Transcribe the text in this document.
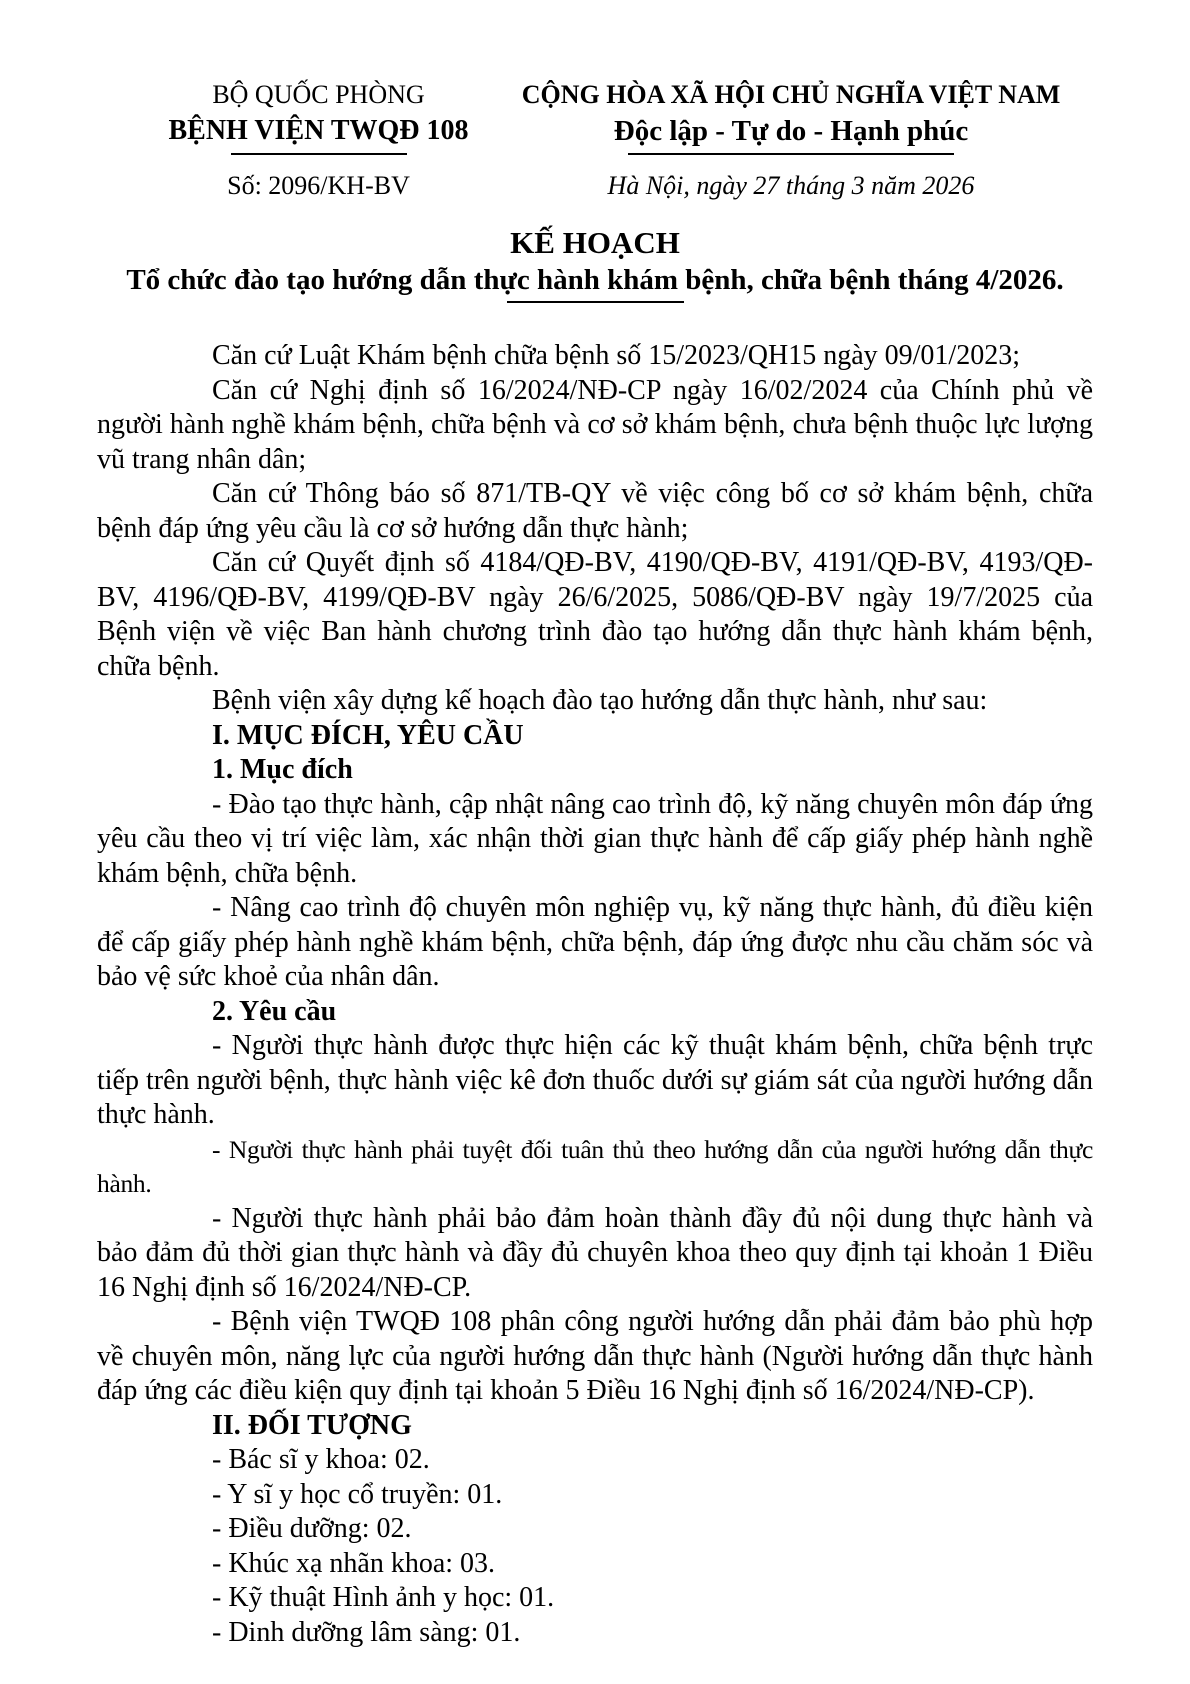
BỘ QUỐC PHÒNG
BỆNH VIỆN TWQĐ 108
Số: 2096/KH-BV
CỘNG HÒA XÃ HỘI CHỦ NGHĨA VIỆT NAM
Độc lập - Tự do - Hạnh phúc
Hà Nội, ngày 27 tháng 3 năm 2026
KẾ HOẠCH
Tổ chức đào tạo hướng dẫn thực hành khám bệnh, chữa bệnh tháng 4/2026.

Căn cứ Luật Khám bệnh chữa bệnh số 15/2023/QH15 ngày 09/01/2023;

Căn cứ Nghị định số 16/2024/NĐ-CP ngày 16/02/2024 của Chính phủ về người hành nghề khám bệnh, chữa bệnh và cơ sở khám bệnh, chưa bệnh thuộc lực lượng vũ trang nhân dân;

Căn cứ Thông báo số 871/TB-QY về việc công bố cơ sở khám bệnh, chữa bệnh đáp ứng yêu cầu là cơ sở hướng dẫn thực hành;

Căn cứ Quyết định số 4184/QĐ-BV, 4190/QĐ-BV, 4191/QĐ-BV, 4193/QĐ-BV, 4196/QĐ-BV, 4199/QĐ-BV ngày 26/6/2025, 5086/QĐ-BV ngày 19/7/2025 của Bệnh viện về việc Ban hành chương trình đào tạo hướng dẫn thực hành khám bệnh, chữa bệnh.

Bệnh viện xây dựng kế hoạch đào tạo hướng dẫn thực hành, như sau:

I. MỤC ĐÍCH, YÊU CẦU

1. Mục đích

- Đào tạo thực hành, cập nhật nâng cao trình độ, kỹ năng chuyên môn đáp ứng yêu cầu theo vị trí việc làm, xác nhận thời gian thực hành để cấp giấy phép hành nghề khám bệnh, chữa bệnh.

- Nâng cao trình độ chuyên môn nghiệp vụ, kỹ năng thực hành, đủ điều kiện để cấp giấy phép hành nghề khám bệnh, chữa bệnh, đáp ứng được nhu cầu chăm sóc và bảo vệ sức khoẻ của nhân dân.

2. Yêu cầu

- Người thực hành được thực hiện các kỹ thuật khám bệnh, chữa bệnh trực tiếp trên người bệnh, thực hành việc kê đơn thuốc dưới sự giám sát của người hướng dẫn thực hành.

- Người thực hành phải tuyệt đối tuân thủ theo hướng dẫn của người hướng dẫn thực hành.

- Người thực hành phải bảo đảm hoàn thành đầy đủ nội dung thực hành và bảo đảm đủ thời gian thực hành và đầy đủ chuyên khoa theo quy định tại khoản 1 Điều 16 Nghị định số 16/2024/NĐ-CP.

- Bệnh viện TWQĐ 108 phân công người hướng dẫn phải đảm bảo phù hợp về chuyên môn, năng lực của người hướng dẫn thực hành (Người hướng dẫn thực hành đáp ứng các điều kiện quy định tại khoản 5 Điều 16 Nghị định số 16/2024/NĐ-CP).

II. ĐỐI TƯỢNG

- Bác sĩ y khoa: 02.

- Y sĩ y học cổ truyền: 01.

- Điều dưỡng: 02.

- Khúc xạ nhãn khoa: 03.

- Kỹ thuật Hình ảnh y học: 01.

- Dinh dưỡng lâm sàng: 01.
